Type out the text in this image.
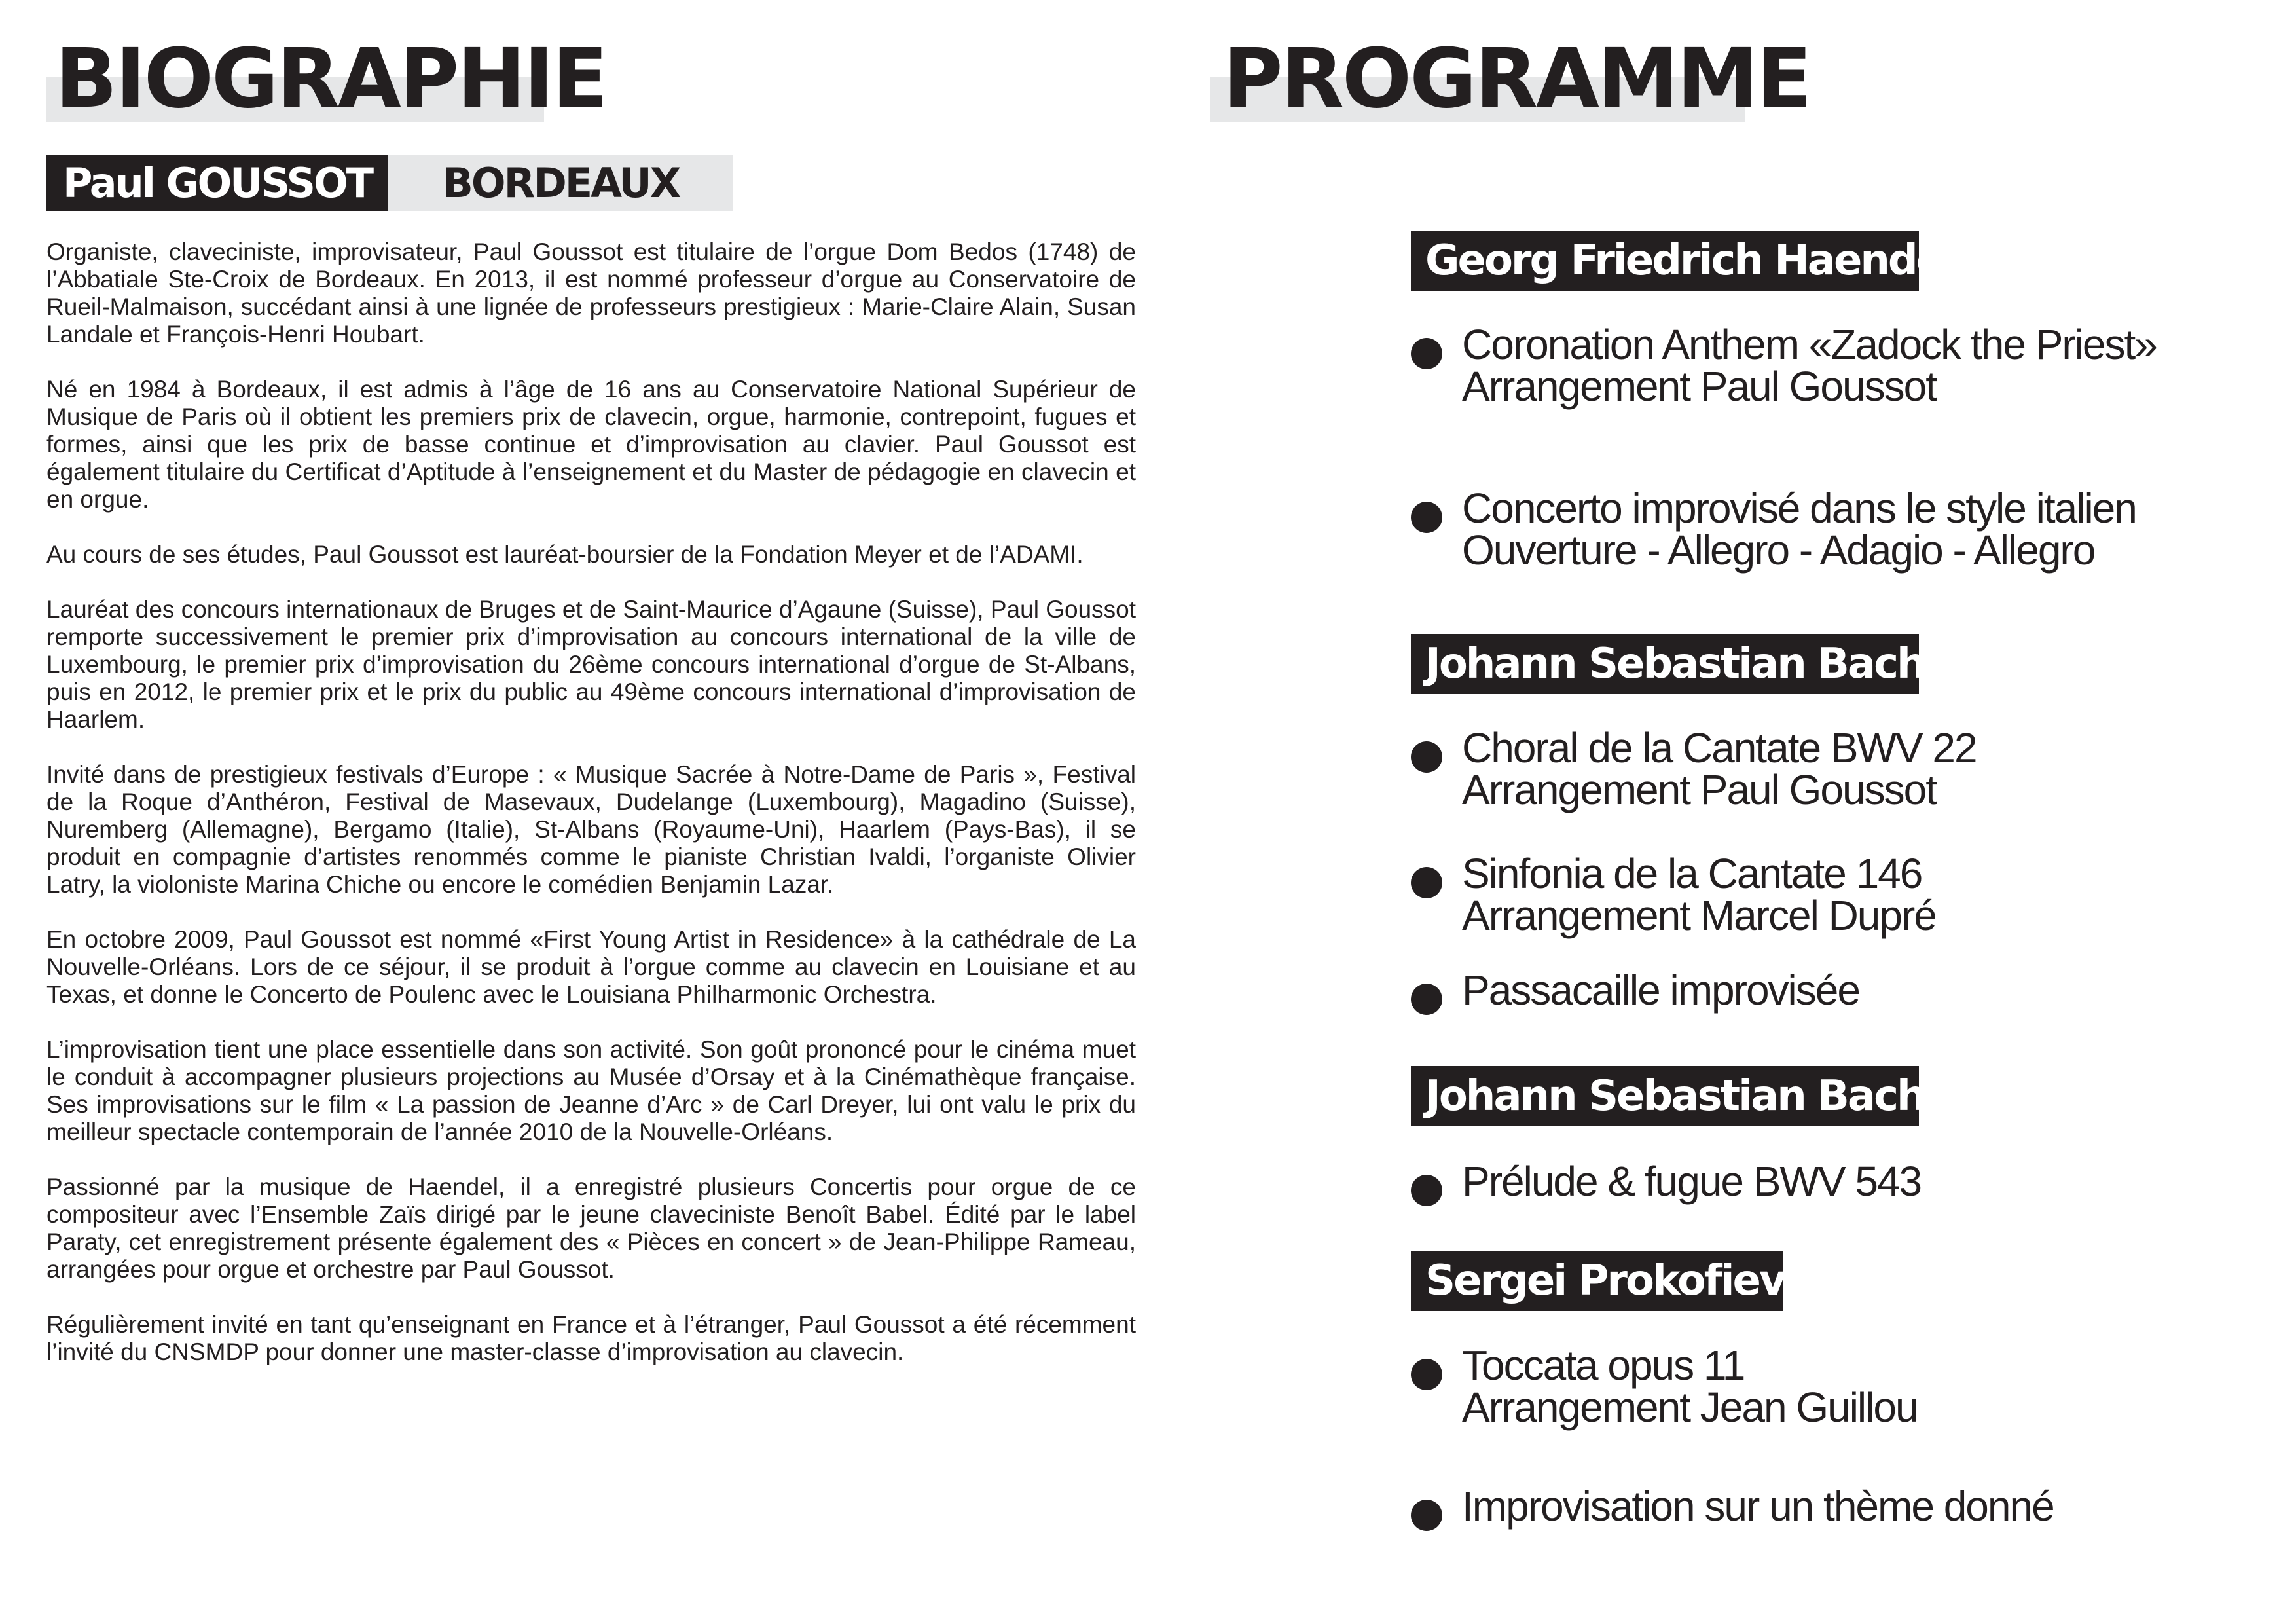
BIOGRAPHIE
Paul GOUSSOT	BORDEAUX

Organiste, claveciniste, improvisateur, Paul Goussot est titulaire de l’orgue Dom Bedos (1748) de l’Abbatiale Ste-Croix de Bordeaux. En 2013, il est nommé professeur d’orgue au Conservatoire de Rueil-Malmaison, succédant ainsi à une lignée de professeurs prestigieux : Marie-Claire Alain, Susan Landale et François-Henri Houbart.

Né en 1984 à Bordeaux, il est admis à l’âge de 16 ans au Conservatoire National Supérieur de Musique de Paris où il obtient les premiers prix de clavecin, orgue, harmonie, contrepoint, fugues et formes, ainsi que les prix de basse continue et d’improvisation au clavier. Paul Goussot est également titulaire du Certificat d’Aptitude à l’enseignement et du Master de pédagogie en clavecin et en orgue.

Au cours de ses études, Paul Goussot est lauréat-boursier de la Fondation Meyer et de l’ADAMI.

Lauréat des concours internationaux de Bruges et de Saint-Maurice d’Agaune (Suisse), Paul Goussot remporte successivement le premier prix d’improvisation au concours international de la ville de Luxembourg, le premier prix d’improvisation du 26ème concours international d’orgue de St-Albans, puis en 2012, le premier prix et le prix du public au 49ème concours international d’improvisation de Haarlem.

Invité dans de prestigieux festivals d’Europe : « Musique Sacrée à Notre-Dame de Paris », Festival de la Roque d’Anthéron, Festival de Masevaux, Dudelange (Luxembourg), Magadino (Suisse), Nuremberg (Allemagne), Bergamo (Italie), St-Albans (Royaume-Uni), Haarlem (Pays-Bas), il se produit en compagnie d’artistes renommés comme le pianiste Christian Ivaldi, l’organiste Olivier Latry, la violoniste Marina Chiche ou encore le comédien Benjamin Lazar.

En octobre 2009, Paul Goussot est nommé «First Young Artist in Residence» à la cathédrale de La Nouvelle-Orléans. Lors de ce séjour, il se produit à l’orgue comme au clavecin en Louisiane et au Texas, et donne le Concerto de Poulenc avec le Louisiana Philharmonic Orchestra.

L’improvisation tient une place essentielle dans son activité. Son goût prononcé pour le cinéma muet le conduit à accompagner plusieurs projections au Musée d’Orsay et à la Cinémathèque française. Ses improvisations sur le film « La passion de Jeanne d’Arc » de Carl Dreyer, lui ont valu le prix du meilleur spectacle contemporain de l’année 2010 de la Nouvelle-Orléans.

Passionné par la musique de Haendel, il a enregistré plusieurs Concertis pour orgue de ce compositeur avec l’Ensemble Zaïs dirigé par le jeune claveciniste Benoît Babel. Édité par le label Paraty, cet enregistrement présente également des « Pièces en concert » de Jean-Philippe Rameau, arrangées pour orgue et orchestre par Paul Goussot.

Régulièrement invité en tant qu’enseignant en France et à l’étranger, Paul Goussot a été récemment l’invité du CNSMDP pour donner une master-classe d’improvisation au clavecin.

PROGRAMME
Georg Friedrich Haendel
Coronation Anthem «Zadock the Priest»
Arrangement Paul Goussot
Concerto improvisé dans le style italien
Ouverture - Allegro - Adagio - Allegro
Johann Sebastian Bach
Choral de la Cantate BWV 22
Arrangement Paul Goussot
Sinfonia de la Cantate 146
Arrangement Marcel Dupré
Passacaille improvisée
Johann Sebastian Bach
Prélude & fugue BWV 543
Sergei Prokofiev
Toccata opus 11
Arrangement Jean Guillou
Improvisation sur un thème donné
